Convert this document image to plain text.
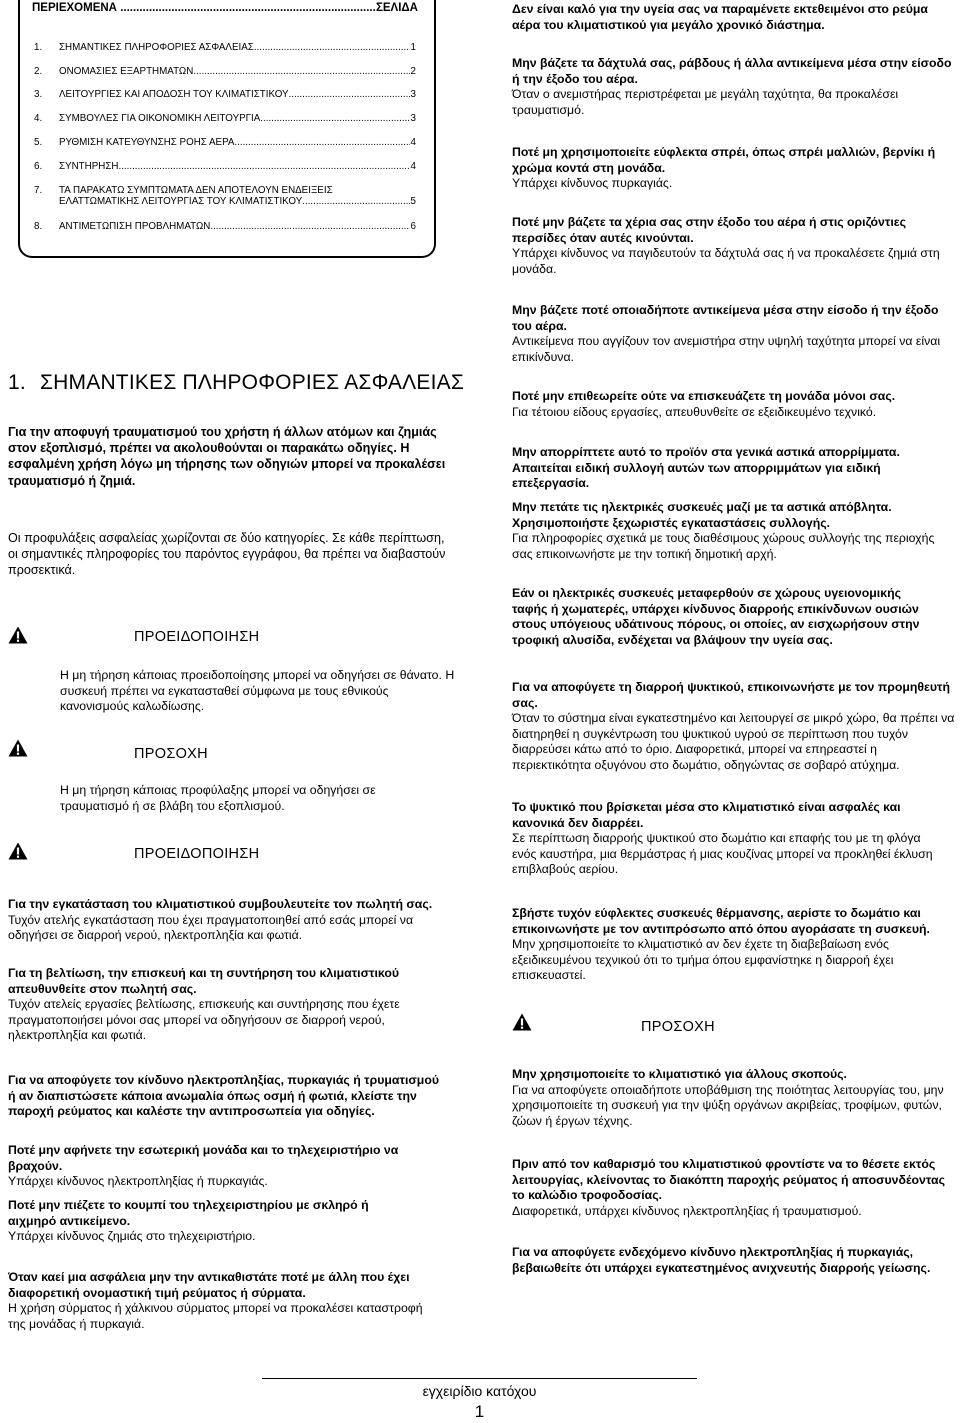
ΠΕΡΙΕΧΟΜΕΝΑ .....	ΣΕΛΙΔΑ
1.	ΣΗΜΑΝΤΙΚΕΣ ΠΛΗΡΟΦΟΡΙΕΣ ΑΣΦΑΛΕΙΑΣ .....	1
2.	ΟΝΟΜΑΣΙΕΣ ΕΞΑΡΤΗΜΑΤΩΝ .....	2
3.	ΛΕΙΤΟΥΡΓΙΕΣ ΚΑΙ ΑΠΟΔΟΣΗ ΤΟΥ ΚΛΙΜΑΤΙΣΤΙΚΟΥ .....	3
4.	ΣΥΜΒΟΥΛΕΣ ΓΙΑ ΟΙΚΟΝΟΜΙΚΗ ΛΕΙΤΟΥΡΓΙΑ .....	3
5.	ΡΥΘΜΙΣΗ ΚΑΤΕΥΘΥΝΣΗΣ ΡΟΗΣ ΑΕΡΑ .....	4
6.	ΣΥΝΤΗΡΗΣΗ .....	4
7.	ΤΑ ΠΑΡΑΚΑΤΩ ΣΥΜΠΤΩΜΑΤΑ ΔΕΝ ΑΠΟΤΕΛΟΥΝ ΕΝΔΕΙΞΕΙΣ
ΕΛΑΤΤΩΜΑΤΙΚΗΣ ΛΕΙΤΟΥΡΓΙΑΣ ΤΟΥ ΚΛΙΜΑΤΙΣΤΙΚΟΥ .....	5
8.	ΑΝΤΙΜΕΤΩΠΙΣΗ ΠΡΟΒΛΗΜΑΤΩΝ .....	6
1. ΣΗΜΑΝΤΙΚΕΣ ΠΛΗΡΟΦΟΡΙΕΣ ΑΣΦΑΛΕΙΑΣ
Για την αποφυγή τραυματισμού του χρήστη ή άλλων ατόμων και ζημιάς στον εξοπλισμό, πρέπει να ακολουθούνται οι παρακάτω οδηγίες. Η εσφαλμένη χρήση λόγω μη τήρησης των οδηγιών μπορεί να προκαλέσει τραυματισμό ή ζημιά.
Οι προφυλάξεις ασφαλείας χωρίζονται σε δύο κατηγορίες. Σε κάθε περίπτωση, οι σημαντικές πληροφορίες του παρόντος εγγράφου, θα πρέπει να διαβαστούν προσεκτικά.
ΠΡΟΕΙΔΟΠΟΙΗΣΗ
Η μη τήρηση κάποιας προειδοποίησης μπορεί να οδηγήσει σε θάνατο. Η συσκευή πρέπει να εγκατασταθεί σύμφωνα με τους εθνικούς κανονισμούς καλωδίωσης.
ΠΡΟΣΟΧΗ
Η μη τήρηση κάποιας προφύλαξης μπορεί να οδηγήσει σε τραυματισμό ή σε βλάβη του εξοπλισμού.
ΠΡΟΕΙΔΟΠΟΙΗΣΗ
Για την εγκατάσταση του κλιματιστικού συμβουλευτείτε τον πωλητή σας.
Τυχόν ατελής εγκατάσταση που έχει πραγματοποιηθεί από εσάς μπορεί να οδηγήσει σε διαρροή νερού, ηλεκτροπληξία και φωτιά.
Για τη βελτίωση, την επισκευή και τη συντήρηση του κλιματιστικού απευθυνθείτε στον πωλητή σας.
Τυχόν ατελείς εργασίες βελτίωσης, επισκευής και συντήρησης που έχετε πραγματοποιήσει μόνοι σας μπορεί να οδηγήσουν σε διαρροή νερού, ηλεκτροπληξία και φωτιά.
Για να αποφύγετε τον κίνδυνο ηλεκτροπληξίας, πυρκαγιάς ή τρυματισμού ή αν διαπιστώσετε κάποια ανωμαλία όπως οσμή ή φωτιά, κλείστε την παροχή ρεύματος και καλέστε την αντιπροσωπεία για οδηγίες.
Ποτέ μην αφήνετε την εσωτερική μονάδα και το τηλεχειριστήριο να βραχούν.
Υπάρχει κίνδυνος ηλεκτροπληξίας ή πυρκαγιάς.
Ποτέ μην πιέζετε το κουμπί του τηλεχειριστηρίου με σκληρό ή αιχμηρό αντικείμενο.
Υπάρχει κίνδυνος ζημιάς στο τηλεχειριστήριο.
Όταν καεί μια ασφάλεια μην την αντικαθιστάτε ποτέ με άλλη που έχει διαφορετική ονομαστική τιμή ρεύματος ή σύρματα.
Η χρήση σύρματος ή χάλκινου σύρματος μπορεί να προκαλέσει καταστροφή της μονάδας ή πυρκαγιά.
Δεν είναι καλό για την υγεία σας να παραμένετε εκτεθειμένοι στο ρεύμα αέρα του κλιματιστικού για μεγάλο χρονικό διάστημα.
Μην βάζετε τα δάχτυλά σας, ράβδους ή άλλα αντικείμενα μέσα στην είσοδο ή την έξοδο του αέρα.
Όταν ο ανεμιστήρας περιστρέφεται με μεγάλη ταχύτητα, θα προκαλέσει τραυματισμό.
Ποτέ μη χρησιμοποιείτε εύφλεκτα σπρέι, όπως σπρέι μαλλιών, βερνίκι ή χρώμα κοντά στη μονάδα.
Υπάρχει κίνδυνος πυρκαγιάς.
Ποτέ μην βάζετε τα χέρια σας στην έξοδο του αέρα ή στις οριζόντιες περσίδες όταν αυτές κινούνται.
Υπάρχει κίνδυνος να παγιδευτούν τα δάχτυλά σας ή να προκαλέσετε ζημιά στη μονάδα.
Μην βάζετε ποτέ οποιαδήποτε αντικείμενα μέσα στην είσοδο ή την έξοδο του αέρα.
Αντικείμενα που αγγίζουν τον ανεμιστήρα στην υψηλή ταχύτητα μπορεί να είναι επικίνδυνα.
Ποτέ μην επιθεωρείτε ούτε να επισκευάζετε τη μονάδα μόνοι σας.
Για τέτοιου είδους εργασίες, απευθυνθείτε σε εξειδικευμένο τεχνικό.
Μην απορρίπτετε αυτό το προϊόν στα γενικά αστικά απορρίμματα. Απαιτείται ειδική συλλογή αυτών των απορριμμάτων για ειδική επεξεργασία.
Μην πετάτε τις ηλεκτρικές συσκευές μαζί με τα αστικά απόβλητα. Χρησιμοποιήστε ξεχωριστές εγκαταστάσεις συλλογής.
Για πληροφορίες σχετικά με τους διαθέσιμους χώρους συλλογής της περιοχής σας επικοινωνήστε με την τοπική δημοτική αρχή.
Εάν οι ηλεκτρικές συσκευές μεταφερθούν σε χώρους υγειονομικής ταφής ή χωματερές, υπάρχει κίνδυνος διαρροής επικίνδυνων ουσιών στους υπόγειους υδάτινους πόρους, οι οποίες, αν εισχωρήσουν στην τροφική αλυσίδα, ενδέχεται να βλάψουν την υγεία σας.
Για να αποφύγετε τη διαρροή ψυκτικού, επικοινωνήστε με τον προμηθευτή σας.
Όταν το σύστημα είναι εγκατεστημένο και λειτουργεί σε μικρό χώρο, θα πρέπει να διατηρηθεί η συγκέντρωση του ψυκτικού υγρού σε περίπτωση που τυχόν διαρρεύσει κάτω από το όριο. Διαφορετικά, μπορεί να επηρεαστεί η περιεκτικότητα οξυγόνου στο δωμάτιο, οδηγώντας σε σοβαρό ατύχημα.
Το ψυκτικό που βρίσκεται μέσα στο κλιματιστικό είναι ασφαλές και κανονικά δεν διαρρέει.
Σε περίπτωση διαρροής ψυκτικού στο δωμάτιο και επαφής του με τη φλόγα ενός καυστήρα, μια θερμάστρας ή μιας κουζίνας μπορεί να προκληθεί έκλυση επιβλαβούς αερίου.
Σβήστε τυχόν εύφλεκτες συσκευές θέρμανσης, αερίστε το δωμάτιο και επικοινωνήστε με τον αντιπρόσωπο από όπου αγοράσατε τη συσκευή.
Μην χρησιμοποιείτε το κλιματιστικό αν δεν έχετε τη διαβεβαίωση ενός εξειδικευμένου τεχνικού ότι το τμήμα όπου εμφανίστηκε η διαρροή έχει επισκευαστεί.
ΠΡΟΣΟΧΗ
Μην χρησιμοποιείτε το κλιματιστικό για άλλους σκοπούς.
Για να αποφύγετε οποιαδήποτε υποβάθμιση της ποιότητας λειτουργίας του, μην χρησιμοποιείτε τη συσκευή για την ψύξη οργάνων ακριβείας, τροφίμων, φυτών, ζώων ή έργων τέχνης.
Πριν από τον καθαρισμό του κλιματιστικού φροντίστε να το θέσετε εκτός λειτουργίας, κλείνοντας το διακόπτη παροχής ρεύματος ή αποσυνδέοντας το καλώδιο τροφοδοσίας.
Διαφορετικά, υπάρχει κίνδυνος ηλεκτροπληξίας ή τραυματισμού.
Για να αποφύγετε ενδεχόμενο κίνδυνο ηλεκτροπληξίας ή πυρκαγιάς, βεβαιωθείτε ότι υπάρχει εγκατεστημένος ανιχνευτής διαρροής γείωσης.
εγχειρίδιο κατόχου
1
